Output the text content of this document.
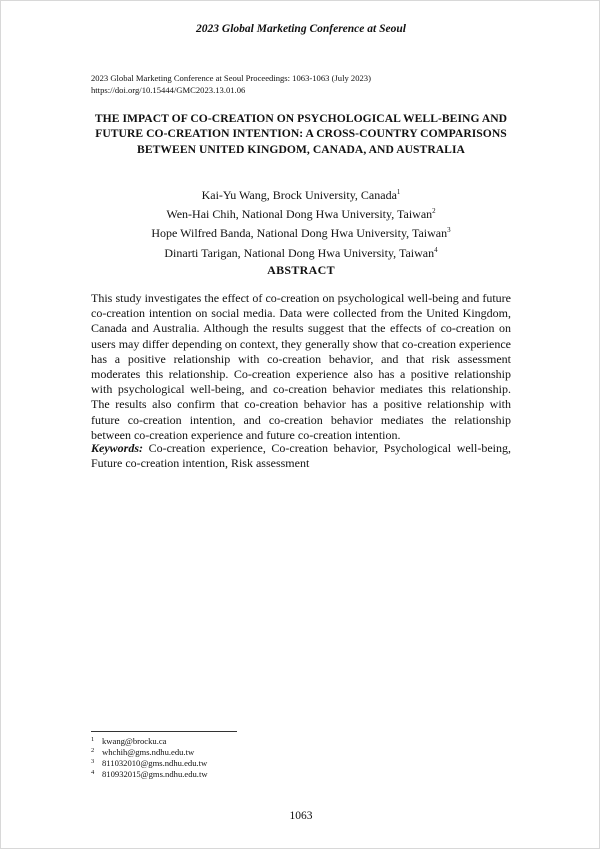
2023 Global Marketing Conference at Seoul
2023 Global Marketing Conference at Seoul Proceedings: 1063-1063 (July 2023)
https://doi.org/10.15444/GMC2023.13.01.06
THE IMPACT OF CO-CREATION ON PSYCHOLOGICAL WELL-BEING AND FUTURE CO-CREATION INTENTION: A CROSS-COUNTRY COMPARISONS BETWEEN UNITED KINGDOM, CANADA, AND AUSTRALIA
Kai-Yu Wang, Brock University, Canada$^1$
Wen-Hai Chih, National Dong Hwa University, Taiwan$^2$
Hope Wilfred Banda, National Dong Hwa University, Taiwan$^3$
Dinarti Tarigan, National Dong Hwa University, Taiwan$^4$
ABSTRACT
This study investigates the effect of co-creation on psychological well-being and future co-creation intention on social media. Data were collected from the United Kingdom, Canada and Australia. Although the results suggest that the effects of co-creation on users may differ depending on context, they generally show that co-creation experience has a positive relationship with co-creation behavior, and that risk assessment moderates this relationship. Co-creation experience also has a positive relationship with psychological well-being, and co-creation behavior mediates this relationship. The results also confirm that co-creation behavior has a positive relationship with future co-creation intention, and co-creation behavior mediates the relationship between co-creation experience and future co-creation intention.
Keywords: Co-creation experience, Co-creation behavior, Psychological well-being, Future co-creation intention, Risk assessment
1 kwang@brocku.ca
2 whchih@gms.ndhu.edu.tw
3 811032010@gms.ndhu.edu.tw
4 810932015@gms.ndhu.edu.tw
1063
